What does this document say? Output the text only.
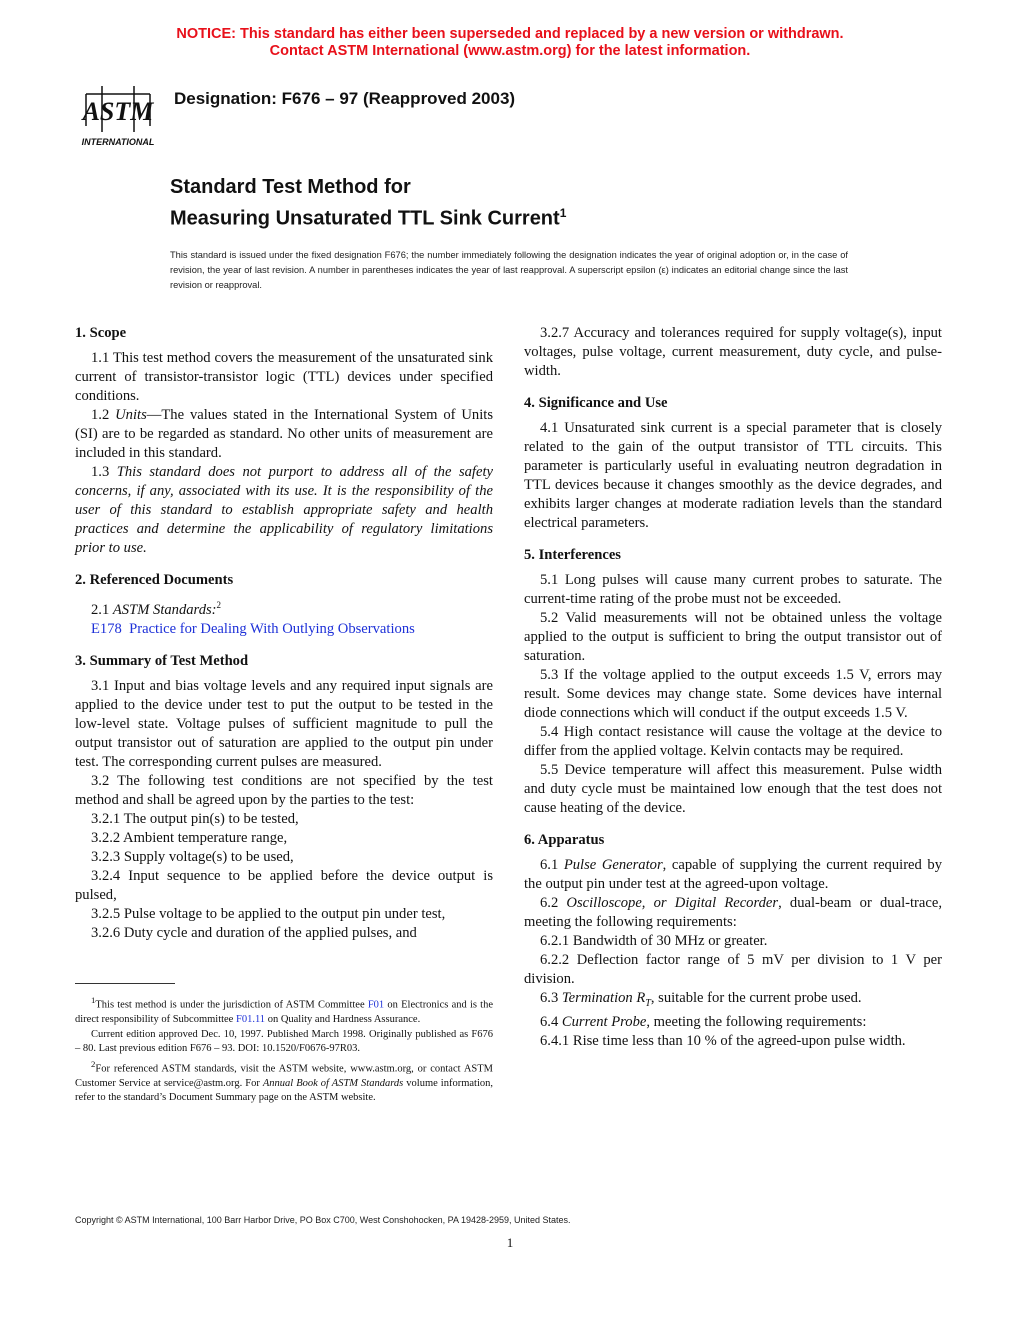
NOTICE: This standard has either been superseded and replaced by a new version or withdrawn.
Contact ASTM International (www.astm.org) for the latest information.
ASTM
INTERNATIONAL
Designation: F676 – 97 (Reapproved 2003)
Standard Test Method for
Measuring Unsaturated TTL Sink Current$^1$
This standard is issued under the fixed designation F676; the number immediately following the designation indicates the year of original adoption or, in the case of revision, the year of last revision. A number in parentheses indicates the year of last reapproval. A superscript epsilon (ε) indicates an editorial change since the last revision or reapproval.
1. Scope

1.1 This test method covers the measurement of the unsaturated sink current of transistor-transistor logic (TTL) devices under specified conditions.

1.2 Units—The values stated in the International System of Units (SI) are to be regarded as standard. No other units of measurement are included in this standard.

1.3 This standard does not purport to address all of the safety concerns, if any, associated with its use. It is the responsibility of the user of this standard to establish appropriate safety and health practices and determine the applicability of regulatory limitations prior to use.

2. Referenced Documents

2.1 ASTM Standards:$^2$

E178 Practice for Dealing With Outlying Observations

3. Summary of Test Method

3.1 Input and bias voltage levels and any required input signals are applied to the device under test to put the output to be tested in the low-level state. Voltage pulses of sufficient magnitude to pull the output transistor out of saturation are applied to the output pin under test. The corresponding current pulses are measured.

3.2 The following test conditions are not specified by the test method and shall be agreed upon by the parties to the test:

3.2.1 The output pin(s) to be tested,

3.2.2 Ambient temperature range,

3.2.3 Supply voltage(s) to be used,

3.2.4 Input sequence to be applied before the device output is pulsed,

3.2.5 Pulse voltage to be applied to the output pin under test,

3.2.6 Duty cycle and duration of the applied pulses, and

$^1$This test method is under the jurisdiction of ASTM Committee F01 on Electronics and is the direct responsibility of Subcommittee F01.11 on Quality and Hardness Assurance.

Current edition approved Dec. 10, 1997. Published March 1998. Originally published as F676 – 80. Last previous edition F676 – 93. DOI: 10.1520/F0676-97R03.

$^2$For referenced ASTM standards, visit the ASTM website, www.astm.org, or contact ASTM Customer Service at service@astm.org. For Annual Book of ASTM Standards volume information, refer to the standard’s Document Summary page on the ASTM website.

3.2.7 Accuracy and tolerances required for supply voltage(s), input voltages, pulse voltage, current measurement, duty cycle, and pulse-width.

4. Significance and Use

4.1 Unsaturated sink current is a special parameter that is closely related to the gain of the output transistor of TTL circuits. This parameter is particularly useful in evaluating neutron degradation in TTL devices because it changes smoothly as the device degrades, and exhibits larger changes at moderate radiation levels than the standard electrical parameters.

5. Interferences

5.1 Long pulses will cause many current probes to saturate. The current-time rating of the probe must not be exceeded.

5.2 Valid measurements will not be obtained unless the voltage applied to the output is sufficient to bring the output transistor out of saturation.

5.3 If the voltage applied to the output exceeds 1.5 V, errors may result. Some devices may change state. Some devices have internal diode connections which will conduct if the output exceeds 1.5 V.

5.4 High contact resistance will cause the voltage at the device to differ from the applied voltage. Kelvin contacts may be required.

5.5 Device temperature will affect this measurement. Pulse width and duty cycle must be maintained low enough that the test does not cause heating of the device.

6. Apparatus

6.1 Pulse Generator, capable of supplying the current required by the output pin under test at the agreed-upon voltage.

6.2 Oscilloscope, or Digital Recorder, dual-beam or dual-trace, meeting the following requirements:

6.2.1 Bandwidth of 30 MHz or greater.

6.2.2 Deflection factor range of 5 mV per division to 1 V per division.

6.3 Termination $R_T$, suitable for the current probe used.

6.4 Current Probe, meeting the following requirements:

6.4.1 Rise time less than 10 % of the agreed-upon pulse width.

Copyright © ASTM International, 100 Barr Harbor Drive, PO Box C700, West Conshohocken, PA 19428-2959, United States.
1
